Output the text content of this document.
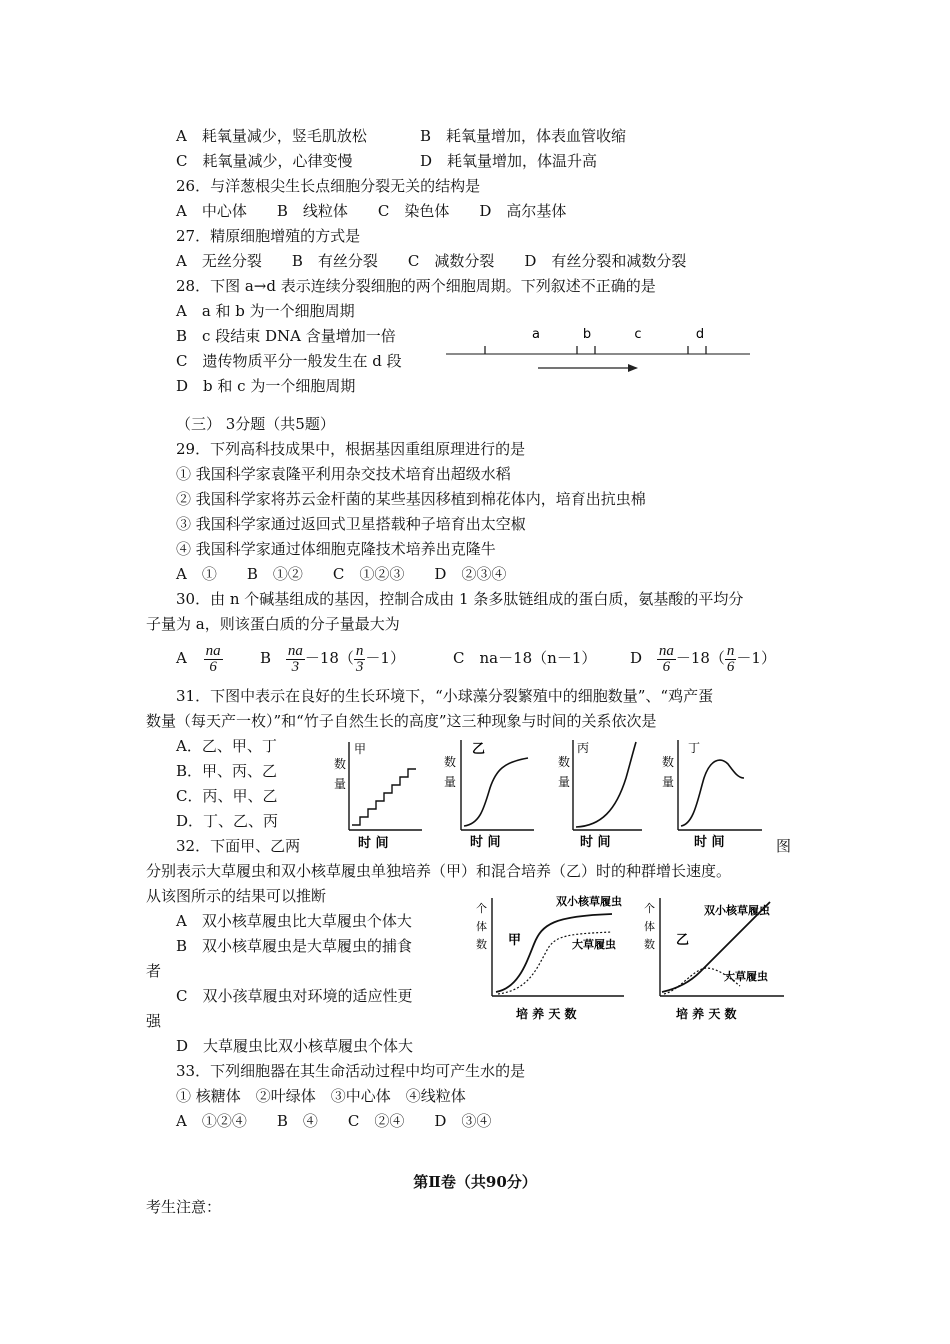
A　耗氧量减少，竖毛肌放松	B　耗氧量增加，体表血管收缩
C　耗氧量减少，心律变慢	D　耗氧量增加，体温升高
26．与洋葱根尖生长点细胞分裂无关的结构是
A　中心体　　B　线粒体　　C　染色体　　D　高尔基体
27．精原细胞增殖的方式是
A　无丝分裂　　B　有丝分裂　　C　减数分裂　　D　有丝分裂和减数分裂
28．下图 a→d 表示连续分裂细胞的两个细胞周期。下列叙述不正确的是
A　a 和 b 为一个细胞周期
B　c 段结束 DNA 含量增加一倍
C　遗传物质平分一般发生在 d 段
D　b 和 c 为一个细胞周期
a	b	c	d
（三） 3分题（共5题）
29．下列高科技成果中，根据基因重组原理进行的是
① 我国科学家袁隆平利用杂交技术培育出超级水稻
② 我国科学家将苏云金杆菌的某些基因移植到棉花体内，培育出抗虫棉
③ 我国科学家通过返回式卫星搭载种子培育出太空椒
④ 我国科学家通过体细胞克隆技术培养出克隆牛
A　①　　B　①②　　C　①②③　　D　②③④
30．由 n 个碱基组成的基因，控制合成由 1 条多肽链组成的蛋白质，氨基酸的平均分
子量为 a，则该蛋白质的分子量最大为
A $\frac{na}{6}$ B $\frac{na}{3} -18( \frac{n}{3} -1)$	C　na－18（n－1） D $\frac{na}{6} -18( \frac{n}{6} -1)$
31．下图中表示在良好的生长环境下，“小球藻分裂繁殖中的细胞数量”、“鸡产蛋
数量（每天产一枚）”和“竹子自然生长的高度”这三种现象与时间的关系依次是
A．乙、甲、丁
B．甲、丙、乙
C．丙、甲、乙
D．丁、乙、丙
甲
数
量
时 间
乙
数
量
时 间
丙
数
量
时 间
丁
数
量
时 间
32．下面甲、乙两	图
分别表示大草履虫和双小核草履虫单独培养（甲）和混合培养（乙）时的种群增长速度。
从该图所示的结果可以推断
A　双小核草履虫比大草履虫个体大
B　双小核草履虫是大草履虫的捕食
者
C　双小孩草履虫对环境的适应性更
强
D　大草履虫比双小核草履虫个体大
个
体
数 甲
双小核草履虫
大草履虫
培 养 天 数
个
体
数 乙
双小核草履虫
大草履虫
培 养 天 数
33．下列细胞器在其生命活动过程中均可产生水的是
① 核糖体　②叶绿体　③中心体　④线粒体
A　①②④　　B　④　　C　②④　　D　③④
第Ⅱ卷（共90分）
考生注意：
